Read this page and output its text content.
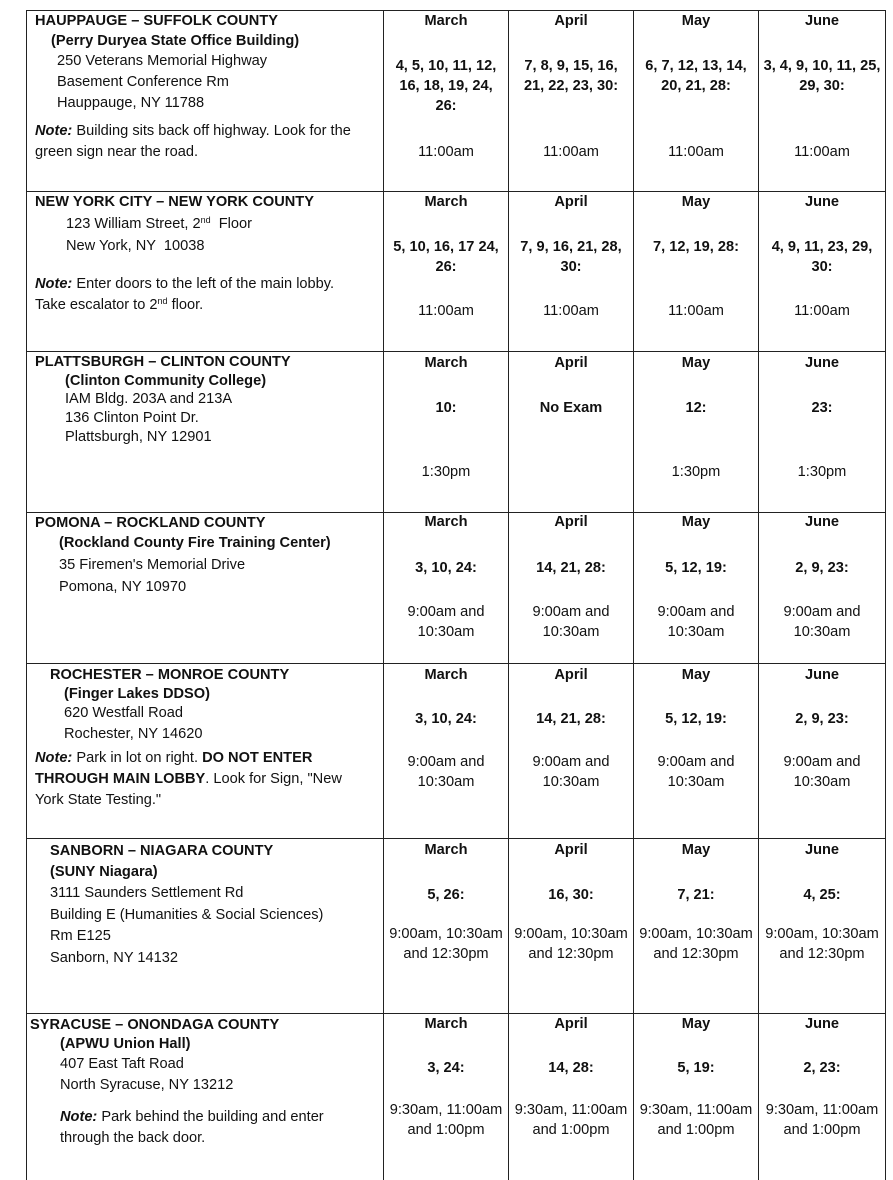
HAUPPAUGE – SUFFOLK COUNTY
(Perry Duryea State Office Building)
250 Veterans Memorial Highway
Basement Conference Rm
Hauppauge, NY 11788
Note: Building sits back off highway. Look for the green sign near the road.
March
4, 5, 10, 11, 12, 16, 18, 19, 24, 26:
11:00am
April
7, 8, 9, 15, 16, 21, 22, 23, 30:
11:00am
May
6, 7, 12, 13, 14, 20, 21, 28:
11:00am
June
3, 4, 9, 10, 11, 25, 29, 30:
11:00am
NEW YORK CITY – NEW YORK COUNTY
123 William Street, 2nd  Floor
New York, NY  10038
Note: Enter doors to the left of the main lobby. Take escalator to 2nd floor.
March
5, 10, 16, 17 24, 26:
11:00am
April
7, 9, 16, 21, 28, 30:
11:00am
May
7, 12, 19, 28:
11:00am
June
4, 9, 11, 23, 29, 30:
11:00am
PLATTSBURGH – CLINTON COUNTY
(Clinton Community College)
IAM Bldg. 203A and 213A
136 Clinton Point Dr.
Plattsburgh, NY 12901
March
10:
1:30pm
April
No Exam
May
12:
1:30pm
June
23:
1:30pm
POMONA – ROCKLAND COUNTY
(Rockland County Fire Training Center)
35 Firemen's Memorial Drive
Pomona, NY 10970
March
3, 10, 24:
9:00am and 10:30am
April
14, 21, 28:
9:00am and 10:30am
May
5, 12, 19:
9:00am and 10:30am
June
2, 9, 23:
9:00am and 10:30am
ROCHESTER – MONROE COUNTY
(Finger Lakes DDSO)
620 Westfall Road
Rochester, NY 14620
Note: Park in lot on right. DO NOT ENTER THROUGH MAIN LOBBY. Look for Sign, "New York State Testing."
March
3, 10, 24:
9:00am and 10:30am
April
14, 21, 28:
9:00am and 10:30am
May
5, 12, 19:
9:00am and 10:30am
June
2, 9, 23:
9:00am and 10:30am
SANBORN – NIAGARA COUNTY
(SUNY Niagara)
3111 Saunders Settlement Rd
Building E (Humanities & Social Sciences)
Rm E125
Sanborn, NY 14132
March
5, 26:
9:00am, 10:30am and 12:30pm
April
16, 30:
9:00am, 10:30am and 12:30pm
May
7, 21:
9:00am, 10:30am and 12:30pm
June
4, 25:
9:00am, 10:30am and 12:30pm
SYRACUSE – ONONDAGA COUNTY
(APWU Union Hall)
407 East Taft Road
North Syracuse, NY 13212
Note: Park behind the building and enter through the back door.
March
3, 24:
9:30am, 11:00am and 1:00pm
April
14, 28:
9:30am, 11:00am and 1:00pm
May
5, 19:
9:30am, 11:00am and 1:00pm
June
2, 23:
9:30am, 11:00am and 1:00pm
